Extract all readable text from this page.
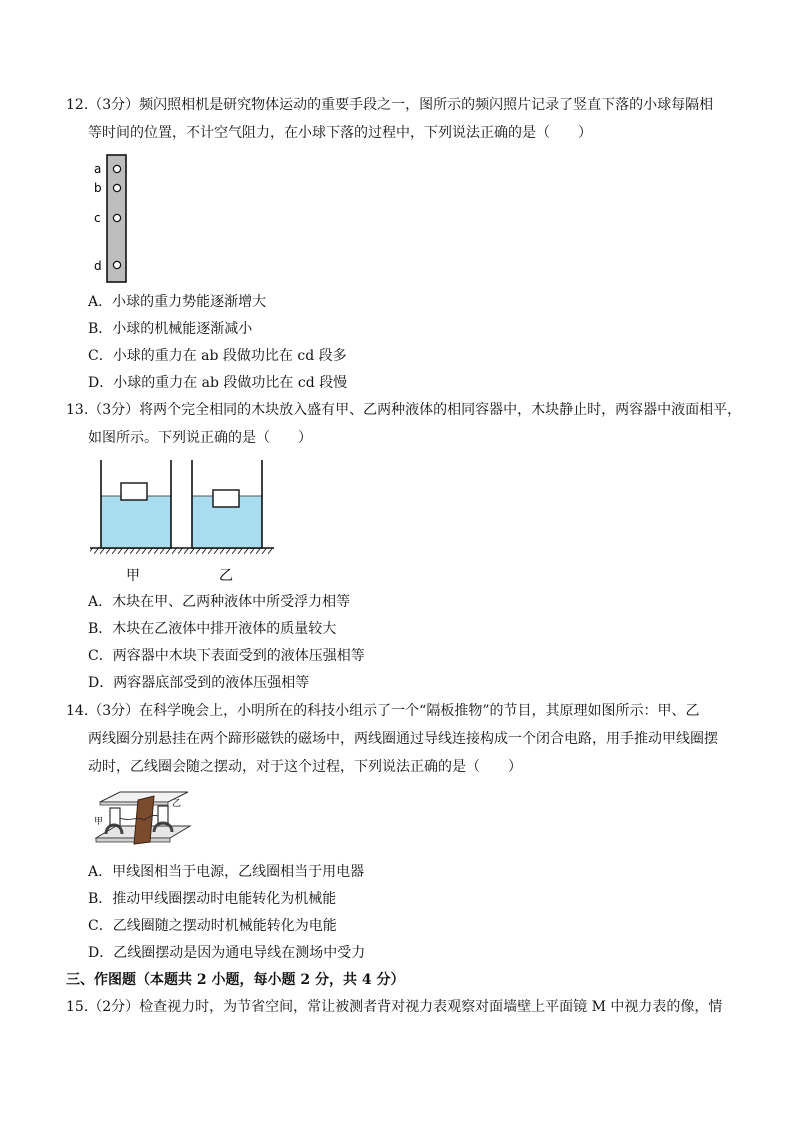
12.（3分）频闪照相机是研究物体运动的重要手段之一，图所示的频闪照片记录了竖直下落的小球每隔相
等时间的位置，不计空气阻力，在小球下落的过程中，下列说法正确的是（　　）
a
b
c
d
A．小球的重力势能逐渐增大
B．小球的机械能逐渐减小
C．小球的重力在 ab 段做功比在 cd 段多
D．小球的重力在 ab 段做功比在 cd 段慢
13.（3分）将两个完全相同的木块放入盛有甲、乙两种液体的相同容器中，木块静止时，两容器中液面相平，
如图所示。下列说正确的是（　　）
甲	乙
A．木块在甲、乙两种液体中所受浮力相等
B．木块在乙液体中排开液体的质量较大
C．两容器中木块下表面受到的液体压强相等
D．两容器底部受到的液体压强相等
14.（3分）在科学晚会上，小明所在的科技小组示了一个“隔板推物”的节目，其原理如图所示：甲、乙
两线圈分别悬挂在两个蹄形磁铁的磁场中，两线圈通过导线连接构成一个闭合电路，用手推动甲线圈摆
动时，乙线圈会随之摆动，对于这个过程，下列说法正确的是（　　）
甲
乙
A．甲线图相当于电源，乙线圈相当于用电器
B．推动甲线圈摆动时电能转化为机械能
C．乙线圈随之摆动时机械能转化为电能
D．乙线圈摆动是因为通电导线在测场中受力
三、作图题（本题共 2 小题，每小题 2 分，共 4 分）
15.（2分）检查视力时，为节省空间，常让被测者背对视力表观察对面墙壁上平面镜 M 中视力表的像，情
